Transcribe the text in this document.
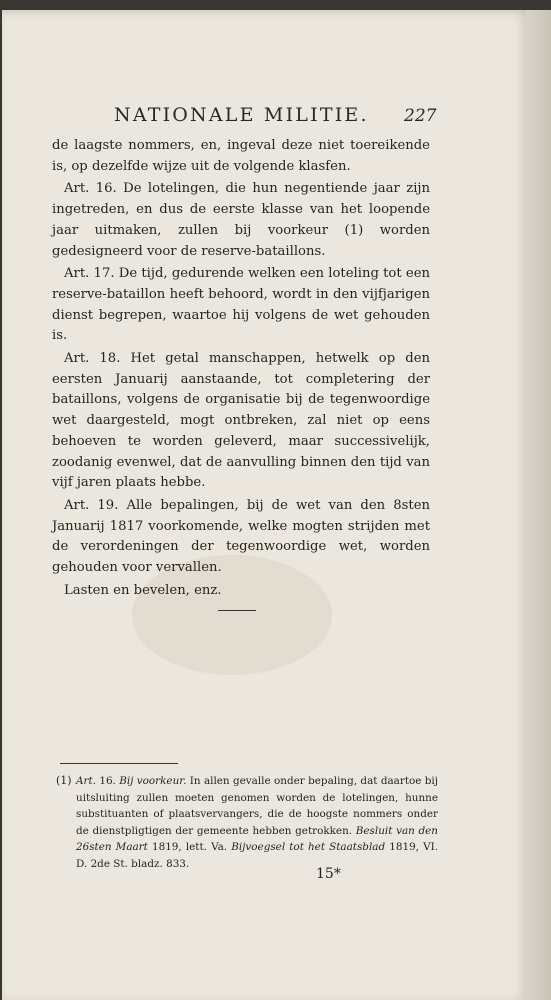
NATIONALE MILITIE. 227

de laagste nommers, en, ingeval deze niet toereikende is, op dezelfde wijze uit de volgende klasfen.

Art. 16. De lotelingen, die hun negentiende jaar zijn ingetreden, en dus de eerste klasse van het loopende jaar uitmaken, zullen bij voorkeur (1) worden gedesigneerd voor de reserve-bataillons.

Art. 17. De tijd, gedurende welken een loteling tot een reserve-bataillon heeft behoord, wordt in den vijfjarigen dienst begrepen, waartoe hij volgens de wet gehouden is.

Art. 18. Het getal manschappen, hetwelk op den eersten Januarij aanstaande, tot completering der bataillons, volgens de organisatie bij de tegenwoordige wet daargesteld, mogt ontbreken, zal niet op eens behoeven te worden geleverd, maar successivelijk, zoodanig evenwel, dat de aanvulling binnen den tijd van vijf jaren plaats hebbe.

Art. 19. Alle bepalingen, bij de wet van den 8sten Januarij 1817 voorkomende, welke mogten strijden met de verordeningen der tegenwoordige wet, worden gehouden voor vervallen.

Lasten en bevelen, enz.

(1) Art. 16. Bij voorkeur. In allen gevalle onder bepaling, dat daartoe bij uitsluiting zullen moeten genomen worden de lotelingen, hunne substituanten of plaatsvervangers, die de hoogste nommers onder de dienstpligtigen der gemeente hebben getrokken. Besluit van den 26sten Maart 1819, lett. Va. Bijvoegsel tot het Staatsblad 1819, VI. D. 2de St. bladz. 833.
15*
